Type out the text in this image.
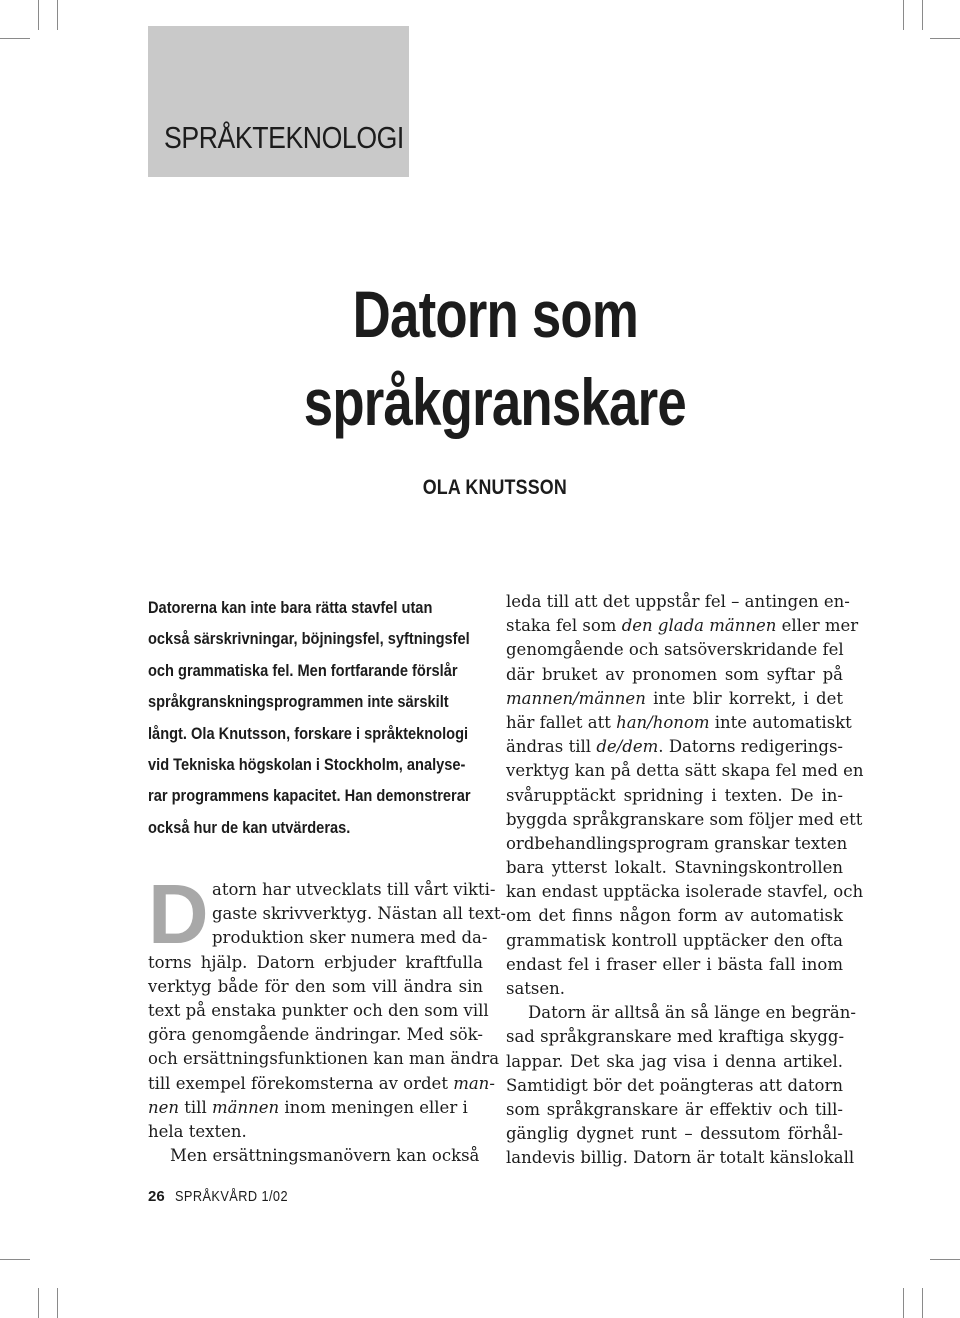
SPRÅKTEKNOLOGI
Datorn som
språkgranskare
OLA KNUTSSON
Datorerna kan inte bara rätta stavfel utan
också särskrivningar, böjningsfel, syftningsfel
och grammatiska fel. Men fortfarande förslår
språkgranskningsprogrammen inte särskilt
långt. Ola Knutsson, forskare i språkteknologi
vid Tekniska högskolan i Stockholm, analyse-
rar programmens kapacitet. Han demonstrerar
också hur de kan utvärderas.
D atorn har utvecklats till vårt vikti-
gaste skrivverktyg. Nästan all text-
produktion sker numera med da-
torns hjälp. Datorn erbjuder kraftfulla
verktyg både för den som vill ändra sin
text på enstaka punkter och den som vill
göra genomgående ändringar. Med sök-
och ersättningsfunktionen kan man ändra
till exempel förekomsterna av ordet man-
nen till männen inom meningen eller i
hela texten.
Men ersättningsmanövern kan också
leda till att det uppstår fel – antingen en-
staka fel som den glada männen eller mer
genomgående och satsöverskridande fel
där bruket av pronomen som syftar på
mannen/männen inte blir korrekt, i det
här fallet att han/honom inte automatiskt
ändras till de/dem. Datorns redigerings-
verktyg kan på detta sätt skapa fel med en
svårupptäckt spridning i texten. De in-
byggda språkgranskare som följer med ett
ordbehandlingsprogram granskar texten
bara ytterst lokalt. Stavningskontrollen
kan endast upptäcka isolerade stavfel, och
om det finns någon form av automatisk
grammatisk kontroll upptäcker den ofta
endast fel i fraser eller i bästa fall inom
satsen.
Datorn är alltså än så länge en begrän-
sad språkgranskare med kraftiga skygg-
lappar. Det ska jag visa i denna artikel.
Samtidigt bör det poängteras att datorn
som språkgranskare är effektiv och till-
gänglig dygnet runt – dessutom förhål-
landevis billig. Datorn är totalt känslokall
26 SPRÅKVÅRD 1/02
